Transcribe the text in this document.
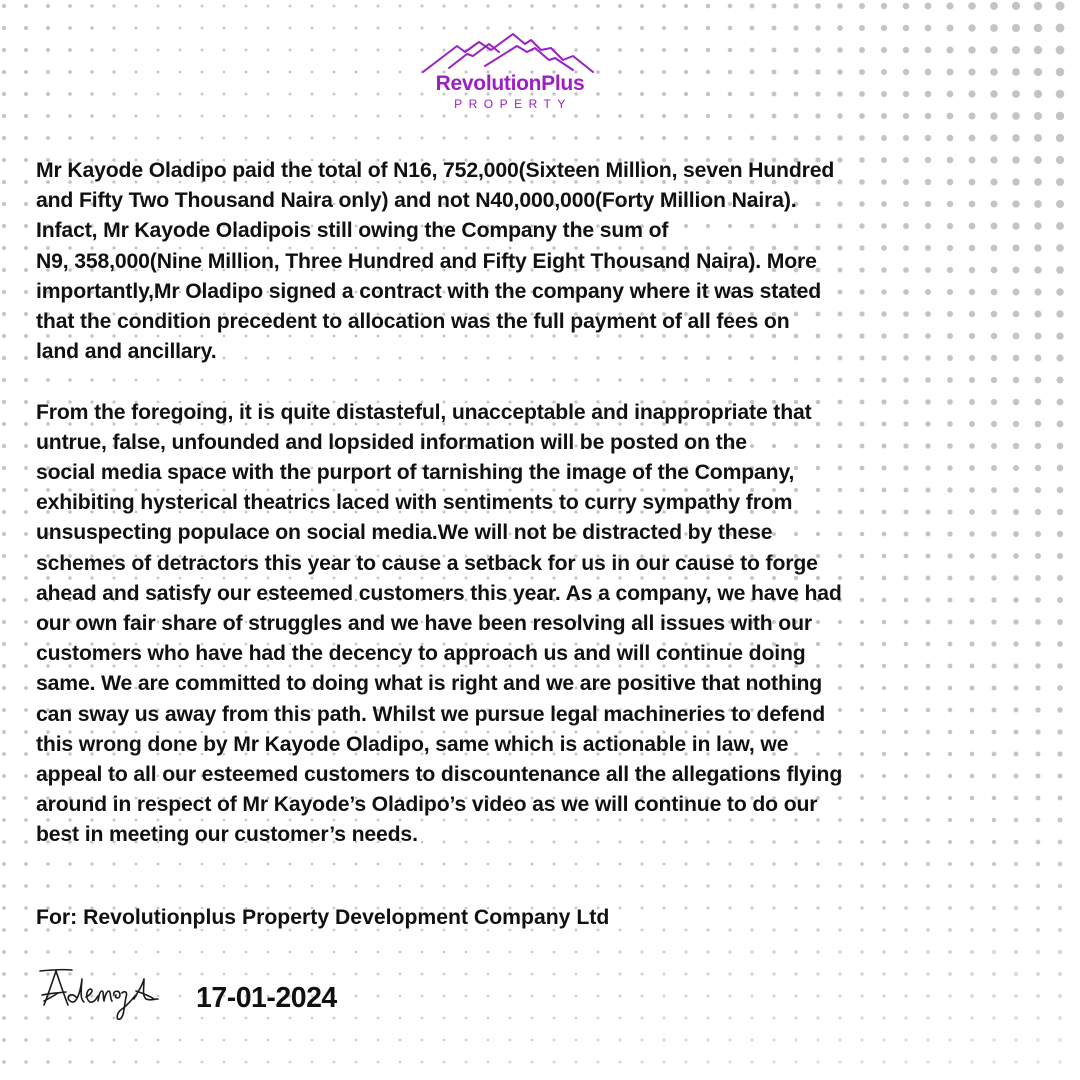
RevolutionPlus
PROPERTY
Mr Kayode Oladipo paid the total of N16, 752,000(Sixteen Million, seven Hundred
and Fifty Two Thousand Naira only) and not N40,000,000(Forty Million Naira).
Infact, Mr Kayode Oladipois still owing the Company the sum of
N9, 358,000(Nine Million, Three Hundred and Fifty Eight Thousand Naira). More
importantly,Mr Oladipo signed a contract with the company where it was stated
that the condition precedent to allocation was the full payment of all fees on
land and ancillary.
From the foregoing, it is quite distasteful, unacceptable and inappropriate that
untrue, false, unfounded and lopsided information will be posted on the
social media space with the purport of tarnishing the image of the Company,
exhibiting hysterical theatrics laced with sentiments to curry sympathy from
unsuspecting populace on social media.We will not be distracted by these
schemes of detractors this year to cause a setback for us in our cause to forge
ahead and satisfy our esteemed customers this year. As a company, we have had
our own fair share of struggles and we have been resolving all issues with our
customers who have had the decency to approach us and will continue doing
same. We are committed to doing what is right and we are positive that nothing
can sway us away from this path. Whilst we pursue legal machineries to defend
this wrong done by Mr Kayode Oladipo, same which is actionable in law, we
appeal to all our esteemed customers to discountenance all the allegations flying
around in respect of Mr Kayode’s Oladipo’s video as we will continue to do our
best in meeting our customer’s needs.
For: Revolutionplus Property Development Company Ltd
17-01-2024
